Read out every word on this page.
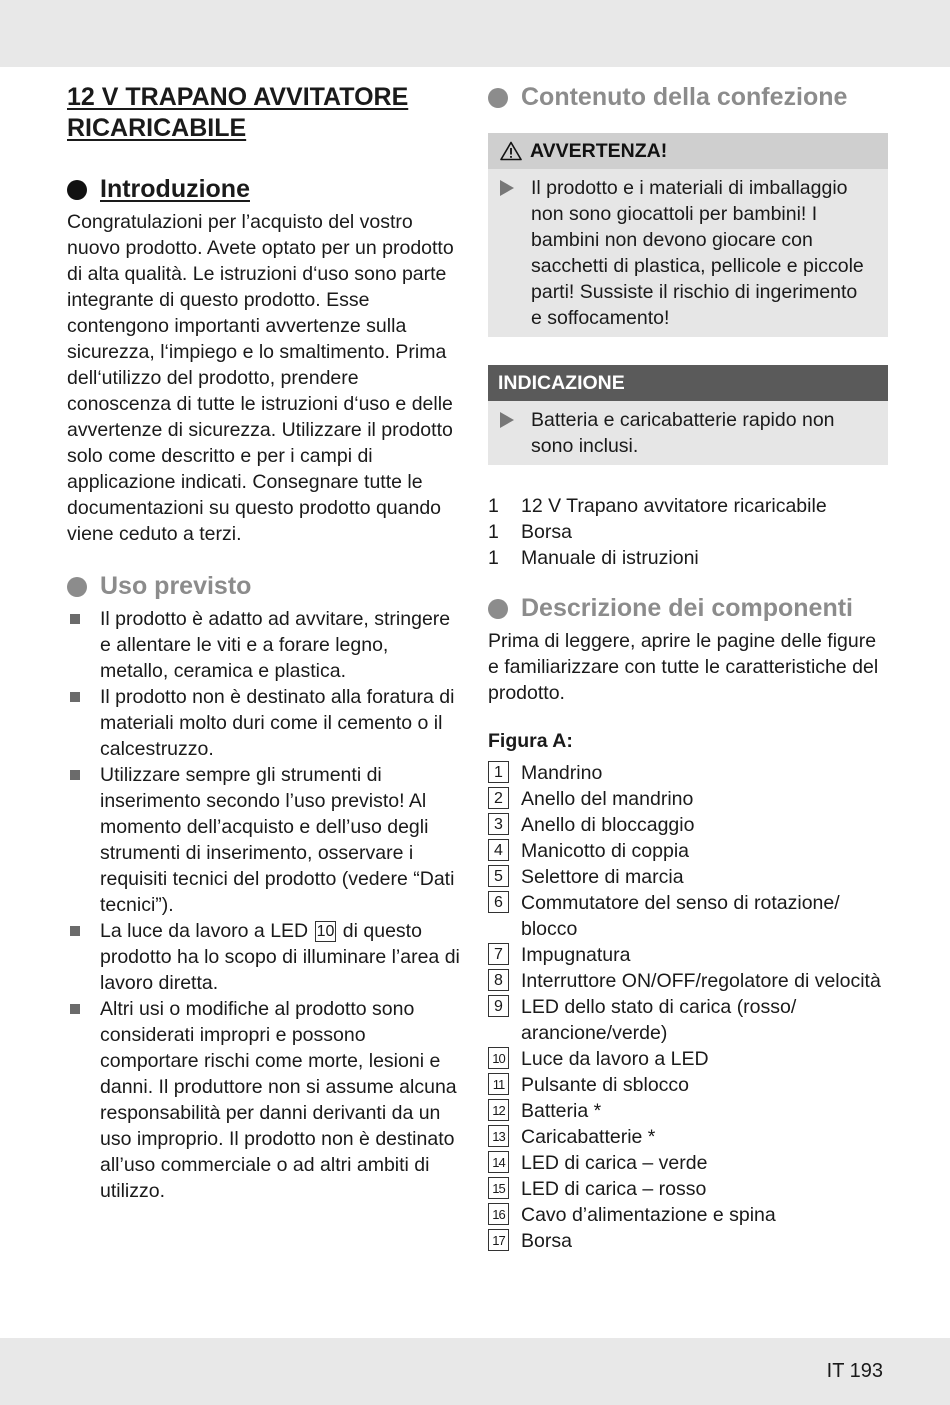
12 V TRAPANO AVVITATORE
RICARICABILE
Introduzione

Congratulazioni per l’acquisto del vostro nuovo prodotto. Avete optato per un prodotto di alta qualità. Le istruzioni d‘uso sono parte integrante di questo prodotto. Esse contengono importanti avvertenze sulla sicurezza, l‘impiego e lo smaltimento. Prima dell‘utilizzo del prodotto, prendere conoscenza di tutte le istruzioni d‘uso e delle avvertenze di sicurezza. Utilizzare il prodotto solo come descritto e per i campi di applicazione indicati. Consegnare tutte le documentazioni su questo prodotto quando viene ceduto a terzi.

Uso previsto
Il prodotto è adatto ad avvitare, stringere e allentare le viti e a forare legno, metallo, ceramica e plastica.
Il prodotto non è destinato alla foratura di materiali molto duri come il cemento o il calcestruzzo.
Utilizzare sempre gli strumenti di inserimento secondo l’uso previsto! Al momento dell’acquisto e dell’uso degli strumenti di inserimento, osservare i requisiti tecnici del prodotto (vedere “Dati tecnici”).
La luce da lavoro a LED 10 di questo prodotto ha lo scopo di illuminare l’area di lavoro diretta.
Altri usi o modifiche al prodotto sono considerati impropri e possono comportare rischi come morte, lesioni e danni. Il produttore non si assume alcuna responsabilità per danni derivanti da un uso improprio. Il prodotto non è destinato all’uso commerciale o ad altri ambiti di utilizzo.
Contenuto della confezione
AVVERTENZA!

Il prodotto e i materiali di imballaggio non sono giocattoli per bambini! I bambini non devono giocare con sacchetti di plastica, pellicole e piccole parti! Sussiste il rischio di ingerimento e soffocamento!

INDICAZIONE

Batteria e caricabatterie rapido non sono inclusi.

1	12 V Trapano avvitatore ricaricabile
1	Borsa
1	Manuale di istruzioni
Descrizione dei componenti

Prima di leggere, aprire le pagine delle figure e familiarizzare con tutte le caratteristiche del prodotto.

Figura A:

1 Mandrino
2 Anello del mandrino
3 Anello di bloccaggio
4 Manicotto di coppia
5 Selettore di marcia
6 Commutatore del senso di rotazione/ blocco
7 Impugnatura
8 Interruttore ON/OFF/regolatore di velocità
9 LED dello stato di carica (rosso/ arancione/verde)
10 Luce da lavoro a LED
11 Pulsante di sblocco
12 Batteria *
13 Caricabatterie *
14 LED di carica – verde
15 LED di carica – rosso
16 Cavo d’alimentazione e spina
17 Borsa
IT 193
